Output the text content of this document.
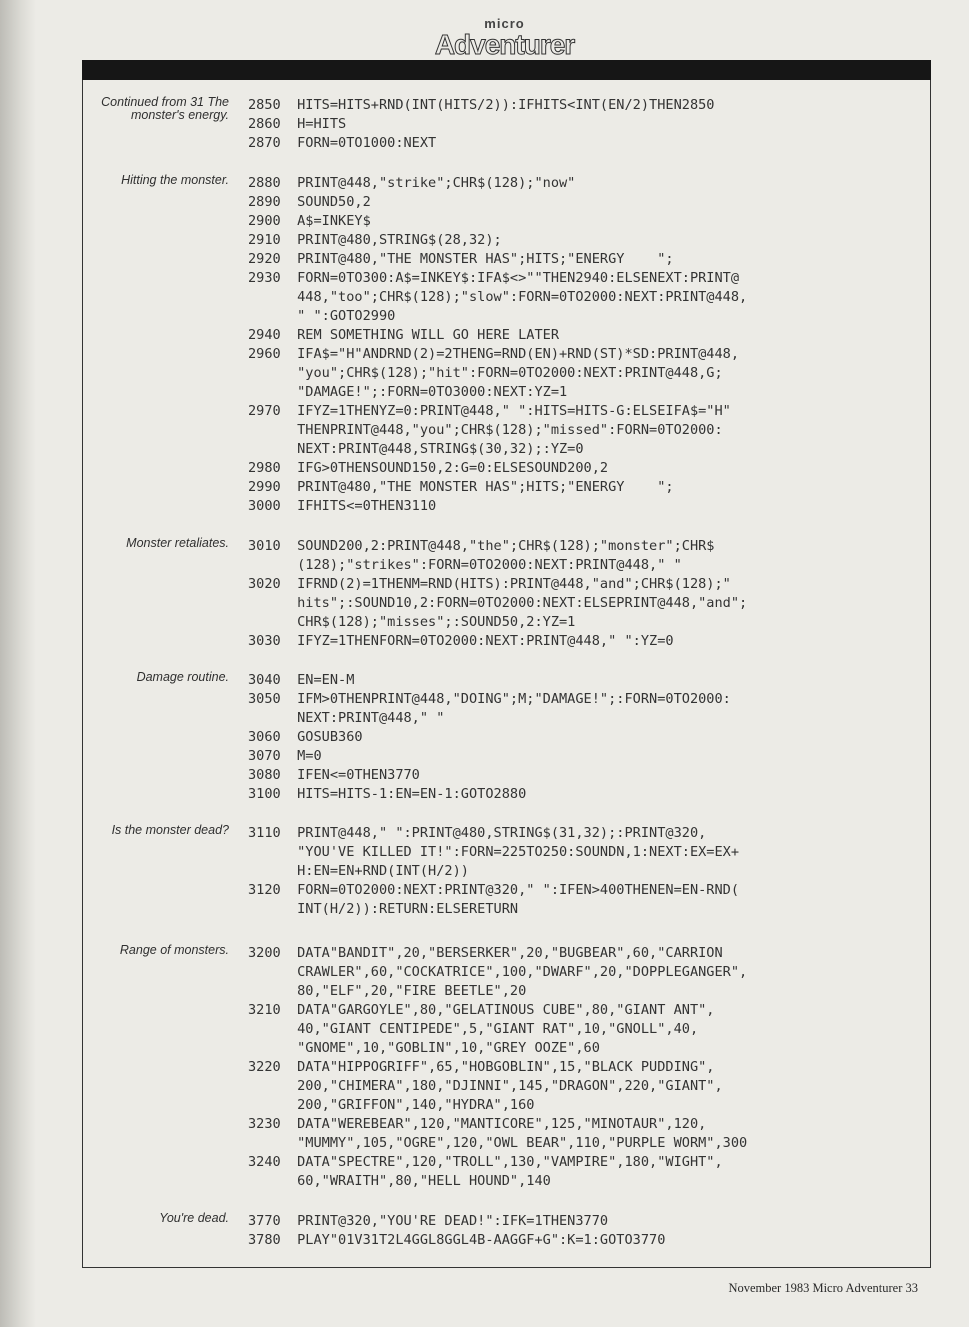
micro
Adventurer
Continued from 31 The monster's energy.
2850  HITS=HITS+RND(INT(HITS/2)):IFHITS<INT(EN/2)THEN2850
2860  H=HITS
2870  FORN=0TO1000:NEXT
Hitting the monster. 2880  PRINT@448,"strike";CHR$(128);"now"
2890  SOUND50,2
2900  A$=INKEY$
2910  PRINT@480,STRING$(28,32);
2920  PRINT@480,"THE MONSTER HAS";HITS;"ENERGY    ";
2930  FORN=0TO300:A$=INKEY$:IFA$<>""THEN2940:ELSENEXT:PRINT@
448,"too";CHR$(128);"slow":FORN=0TO2000:NEXT:PRINT@448,
" ":GOTO2990
2940  REM SOMETHING WILL GO HERE LATER
2960  IFA$="H"ANDRND(2)=2THENG=RND(EN)+RND(ST)*SD:PRINT@448,
"you";CHR$(128);"hit":FORN=0TO2000:NEXT:PRINT@448,G;
"DAMAGE!";:FORN=0TO3000:NEXT:YZ=1
2970  IFYZ=1THENYZ=0:PRINT@448," ":HITS=HITS-G:ELSEIFA$="H"
THENPRINT@448,"you";CHR$(128);"missed":FORN=0TO2000:
NEXT:PRINT@448,STRING$(30,32);:YZ=0
2980  IFG>0THENSOUND150,2:G=0:ELSESOUND200,2
2990  PRINT@480,"THE MONSTER HAS";HITS;"ENERGY    ";
3000  IFHITS<=0THEN3110
Monster retaliates. 3010  SOUND200,2:PRINT@448,"the";CHR$(128);"monster";CHR$
(128);"strikes":FORN=0TO2000:NEXT:PRINT@448," "
3020  IFRND(2)=1THENM=RND(HITS):PRINT@448,"and";CHR$(128);"
hits";:SOUND10,2:FORN=0TO2000:NEXT:ELSEPRINT@448,"and";
CHR$(128);"misses";:SOUND50,2:YZ=1
3030  IFYZ=1THENFORN=0TO2000:NEXT:PRINT@448," ":YZ=0
Damage routine. 3040  EN=EN-M
3050  IFM>0THENPRINT@448,"DOING";M;"DAMAGE!";:FORN=0TO2000:
NEXT:PRINT@448," "
3060  GOSUB360
3070  M=0
3080  IFEN<=0THEN3770
3100  HITS=HITS-1:EN=EN-1:GOTO2880
Is the monster dead? 3110  PRINT@448," ":PRINT@480,STRING$(31,32);:PRINT@320,
"YOU'VE KILLED IT!":FORN=225TO250:SOUNDN,1:NEXT:EX=EX+
H:EN=EN+RND(INT(H/2))
3120  FORN=0TO2000:NEXT:PRINT@320," ":IFEN>400THENEN=EN-RND(
INT(H/2)):RETURN:ELSERETURN
Range of monsters. 3200  DATA"BANDIT",20,"BERSERKER",20,"BUGBEAR",60,"CARRION
CRAWLER",60,"COCKATRICE",100,"DWARF",20,"DOPPLEGANGER",
80,"ELF",20,"FIRE BEETLE",20
3210  DATA"GARGOYLE",80,"GELATINOUS CUBE",80,"GIANT ANT",
40,"GIANT CENTIPEDE",5,"GIANT RAT",10,"GNOLL",40,
"GNOME",10,"GOBLIN",10,"GREY OOZE",60
3220  DATA"HIPPOGRIFF",65,"HOBGOBLIN",15,"BLACK PUDDING",
200,"CHIMERA",180,"DJINNI",145,"DRAGON",220,"GIANT",
200,"GRIFFON",140,"HYDRA",160
3230  DATA"WEREBEAR",120,"MANTICORE",125,"MINOTAUR",120,
"MUMMY",105,"OGRE",120,"OWL BEAR",110,"PURPLE WORM",300
3240  DATA"SPECTRE",120,"TROLL",130,"VAMPIRE",180,"WIGHT",
60,"WRAITH",80,"HELL HOUND",140
You're dead. 3770  PRINT@320,"YOU'RE DEAD!":IFK=1THEN3770
3780  PLAY"01V31T2L4GGL8GGL4B-AAGGF+G":K=1:GOTO3770
November 1983 Micro Adventurer 33
